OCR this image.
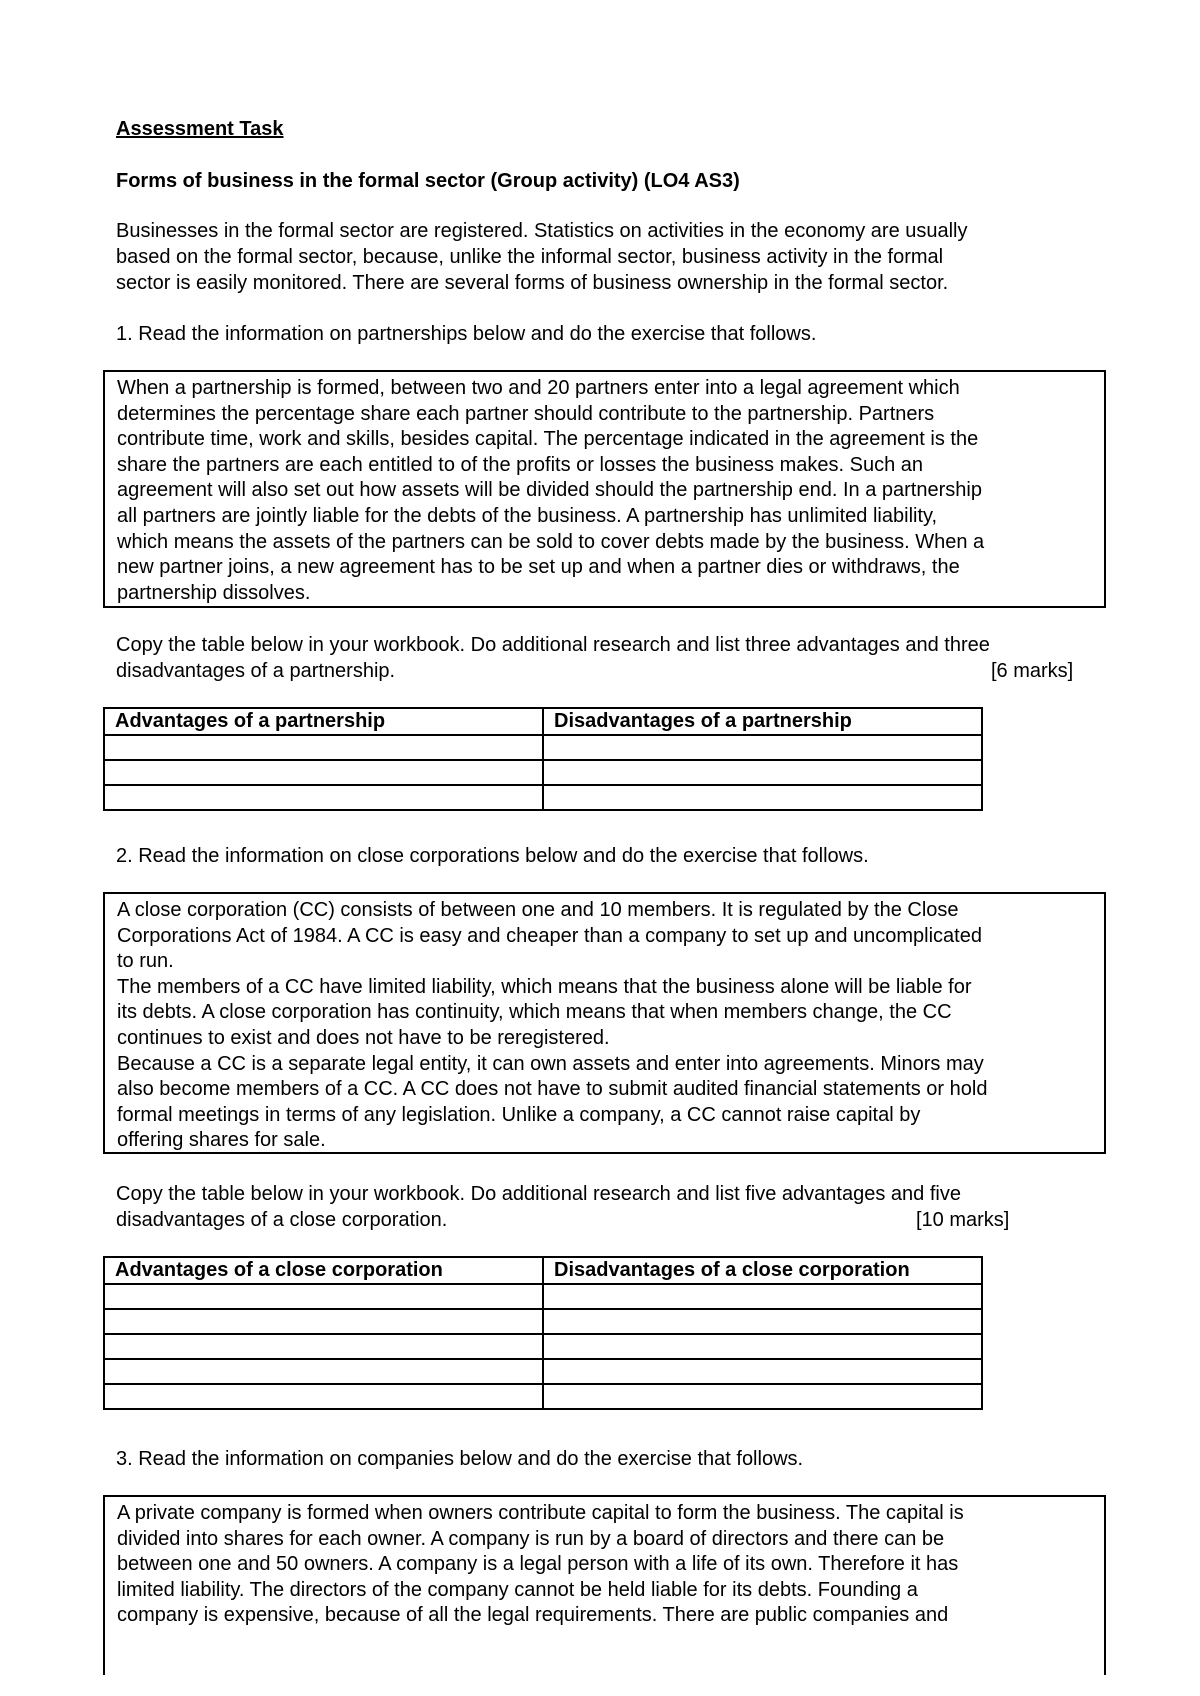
Assessment Task

Forms of business in the formal sector (Group activity) (LO4 AS3)

Businesses in the formal sector are registered. Statistics on activities in the economy are usually
based on the formal sector, because, unlike the informal sector, business activity in the formal
sector is easily monitored. There are several forms of business ownership in the formal sector.

1. Read the information on partnerships below and do the exercise that follows.

When a partnership is formed, between two and 20 partners enter into a legal agreement which
determines the percentage share each partner should contribute to the partnership. Partners
contribute time, work and skills, besides capital. The percentage indicated in the agreement is the
share the partners are each entitled to of the profits or losses the business makes. Such an
agreement will also set out how assets will be divided should the partnership end. In a partnership
all partners are jointly liable for the debts of the business. A partnership has unlimited liability,
which means the assets of the partners can be sold to cover debts made by the business. When a
new partner joins, a new agreement has to be set up and when a partner dies or withdraws, the
partnership dissolves.

Copy the table below in your workbook. Do additional research and list three advantages and three

disadvantages of a partnership.	[6 marks]
Advantages of a partnership	Disadvantages of a partnership

2. Read the information on close corporations below and do the exercise that follows.

A close corporation (CC) consists of between one and 10 members. It is regulated by the Close
Corporations Act of 1984. A CC is easy and cheaper than a company to set up and uncomplicated
to run.
The members of a CC have limited liability, which means that the business alone will be liable for
its debts. A close corporation has continuity, which means that when members change, the CC
continues to exist and does not have to be reregistered.
Because a CC is a separate legal entity, it can own assets and enter into agreements. Minors may
also become members of a CC. A CC does not have to submit audited financial statements or hold
formal meetings in terms of any legislation. Unlike a company, a CC cannot raise capital by
offering shares for sale.

Copy the table below in your workbook. Do additional research and list five advantages and five

disadvantages of a close corporation.	[10 marks]
Advantages of a close corporation	Disadvantages of a close corporation

3. Read the information on companies below and do the exercise that follows.

A private company is formed when owners contribute capital to form the business. The capital is
divided into shares for each owner. A company is run by a board of directors and there can be
between one and 50 owners. A company is a legal person with a life of its own. Therefore it has
limited liability. The directors of the company cannot be held liable for its debts. Founding a
company is expensive, because of all the legal requirements. There are public companies and
